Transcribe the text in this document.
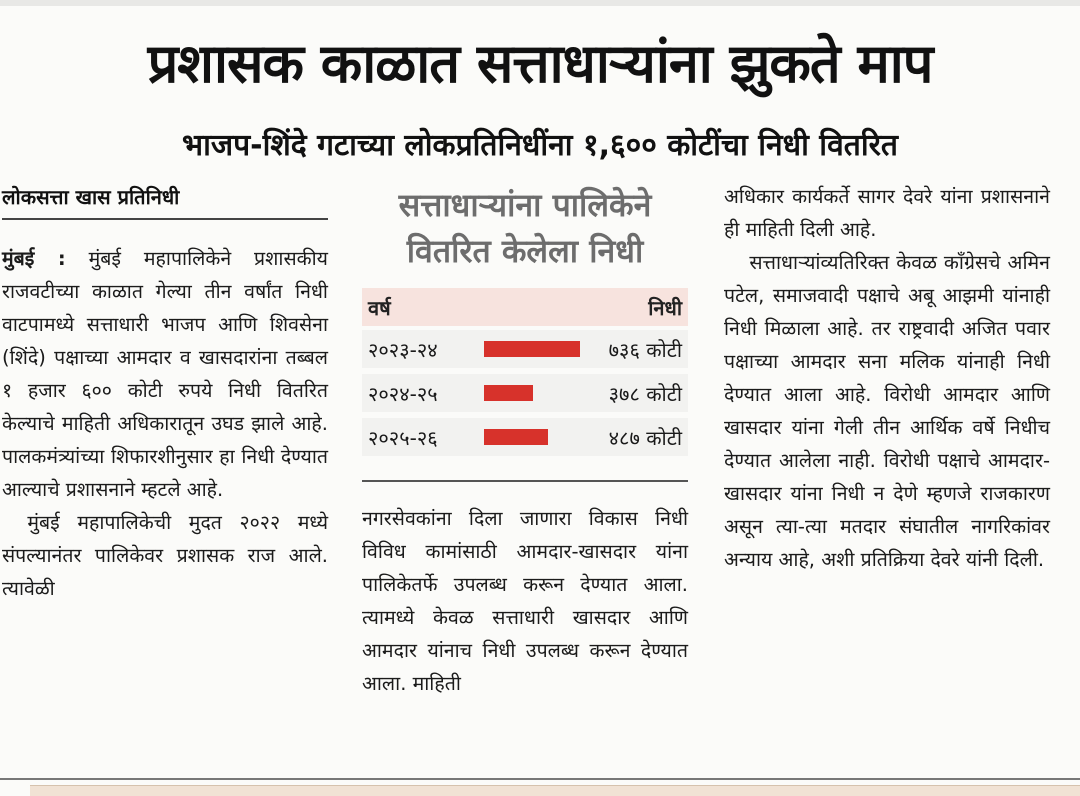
प्रशासक काळात सत्ताधाऱ्यांना झुकते माप
भाजप-शिंदे गटाच्या लोकप्रतिनिधींना १,६०० कोटींचा निधी वितरित
लोकसत्ता खास प्रतिनिधी

मुंबई : मुंबई महापालिकेने प्रशासकीय राजवटीच्या काळात गेल्या तीन वर्षांत निधी वाटपामध्ये सत्ताधारी भाजप आणि शिवसेना (शिंदे) पक्षाच्या आमदार व खासदारांना तब्बल १ हजार ६०० कोटी रुपये निधी वितरित केल्याचे माहिती अधिकारातून उघड झाले आहे. पालकमंत्र्यांच्या शिफारशीनुसार हा निधी देण्यात आल्याचे प्रशासनाने म्हटले आहे.

मुंबई महापालिकेची मुदत २०२२ मध्ये संपल्यानंतर पालिकेवर प्रशासक राज आले. त्यावेळी

सत्ताधाऱ्यांना पालिकेने वितरित केलेला निधी
वर्ष	निधी
२०२३-२४	७३६ कोटी
२०२४-२५	३७८ कोटी
२०२५-२६	४८७ कोटी

नगरसेवकांना दिला जाणारा विकास निधी विविध कामांसाठी आमदार-खासदार यांना पालिकेतर्फे उपलब्ध करून देण्यात आला. त्यामध्ये केवळ सत्ताधारी खासदार आणि आमदार यांनाच निधी उपलब्ध करून देण्यात आला. माहिती

अधिकार कार्यकर्ते सागर देवरे यांना प्रशासनाने ही माहिती दिली आहे.

सत्ताधाऱ्यांव्यतिरिक्त केवळ काँग्रेसचे अमिन पटेल, समाजवादी पक्षाचे अबू आझमी यांनाही निधी मिळाला आहे. तर राष्ट्रवादी अजित पवार पक्षाच्या आमदार सना मलिक यांनाही निधी देण्यात आला आहे. विरोधी आमदार आणि खासदार यांना गेली तीन आर्थिक वर्षे निधीच देण्यात आलेला नाही. विरोधी पक्षाचे आमदार-खासदार यांना निधी न देणे म्हणजे राजकारण असून त्या-त्या मतदार संघातील नागरिकांवर अन्याय आहे, अशी प्रतिक्रिया देवरे यांनी दिली.
